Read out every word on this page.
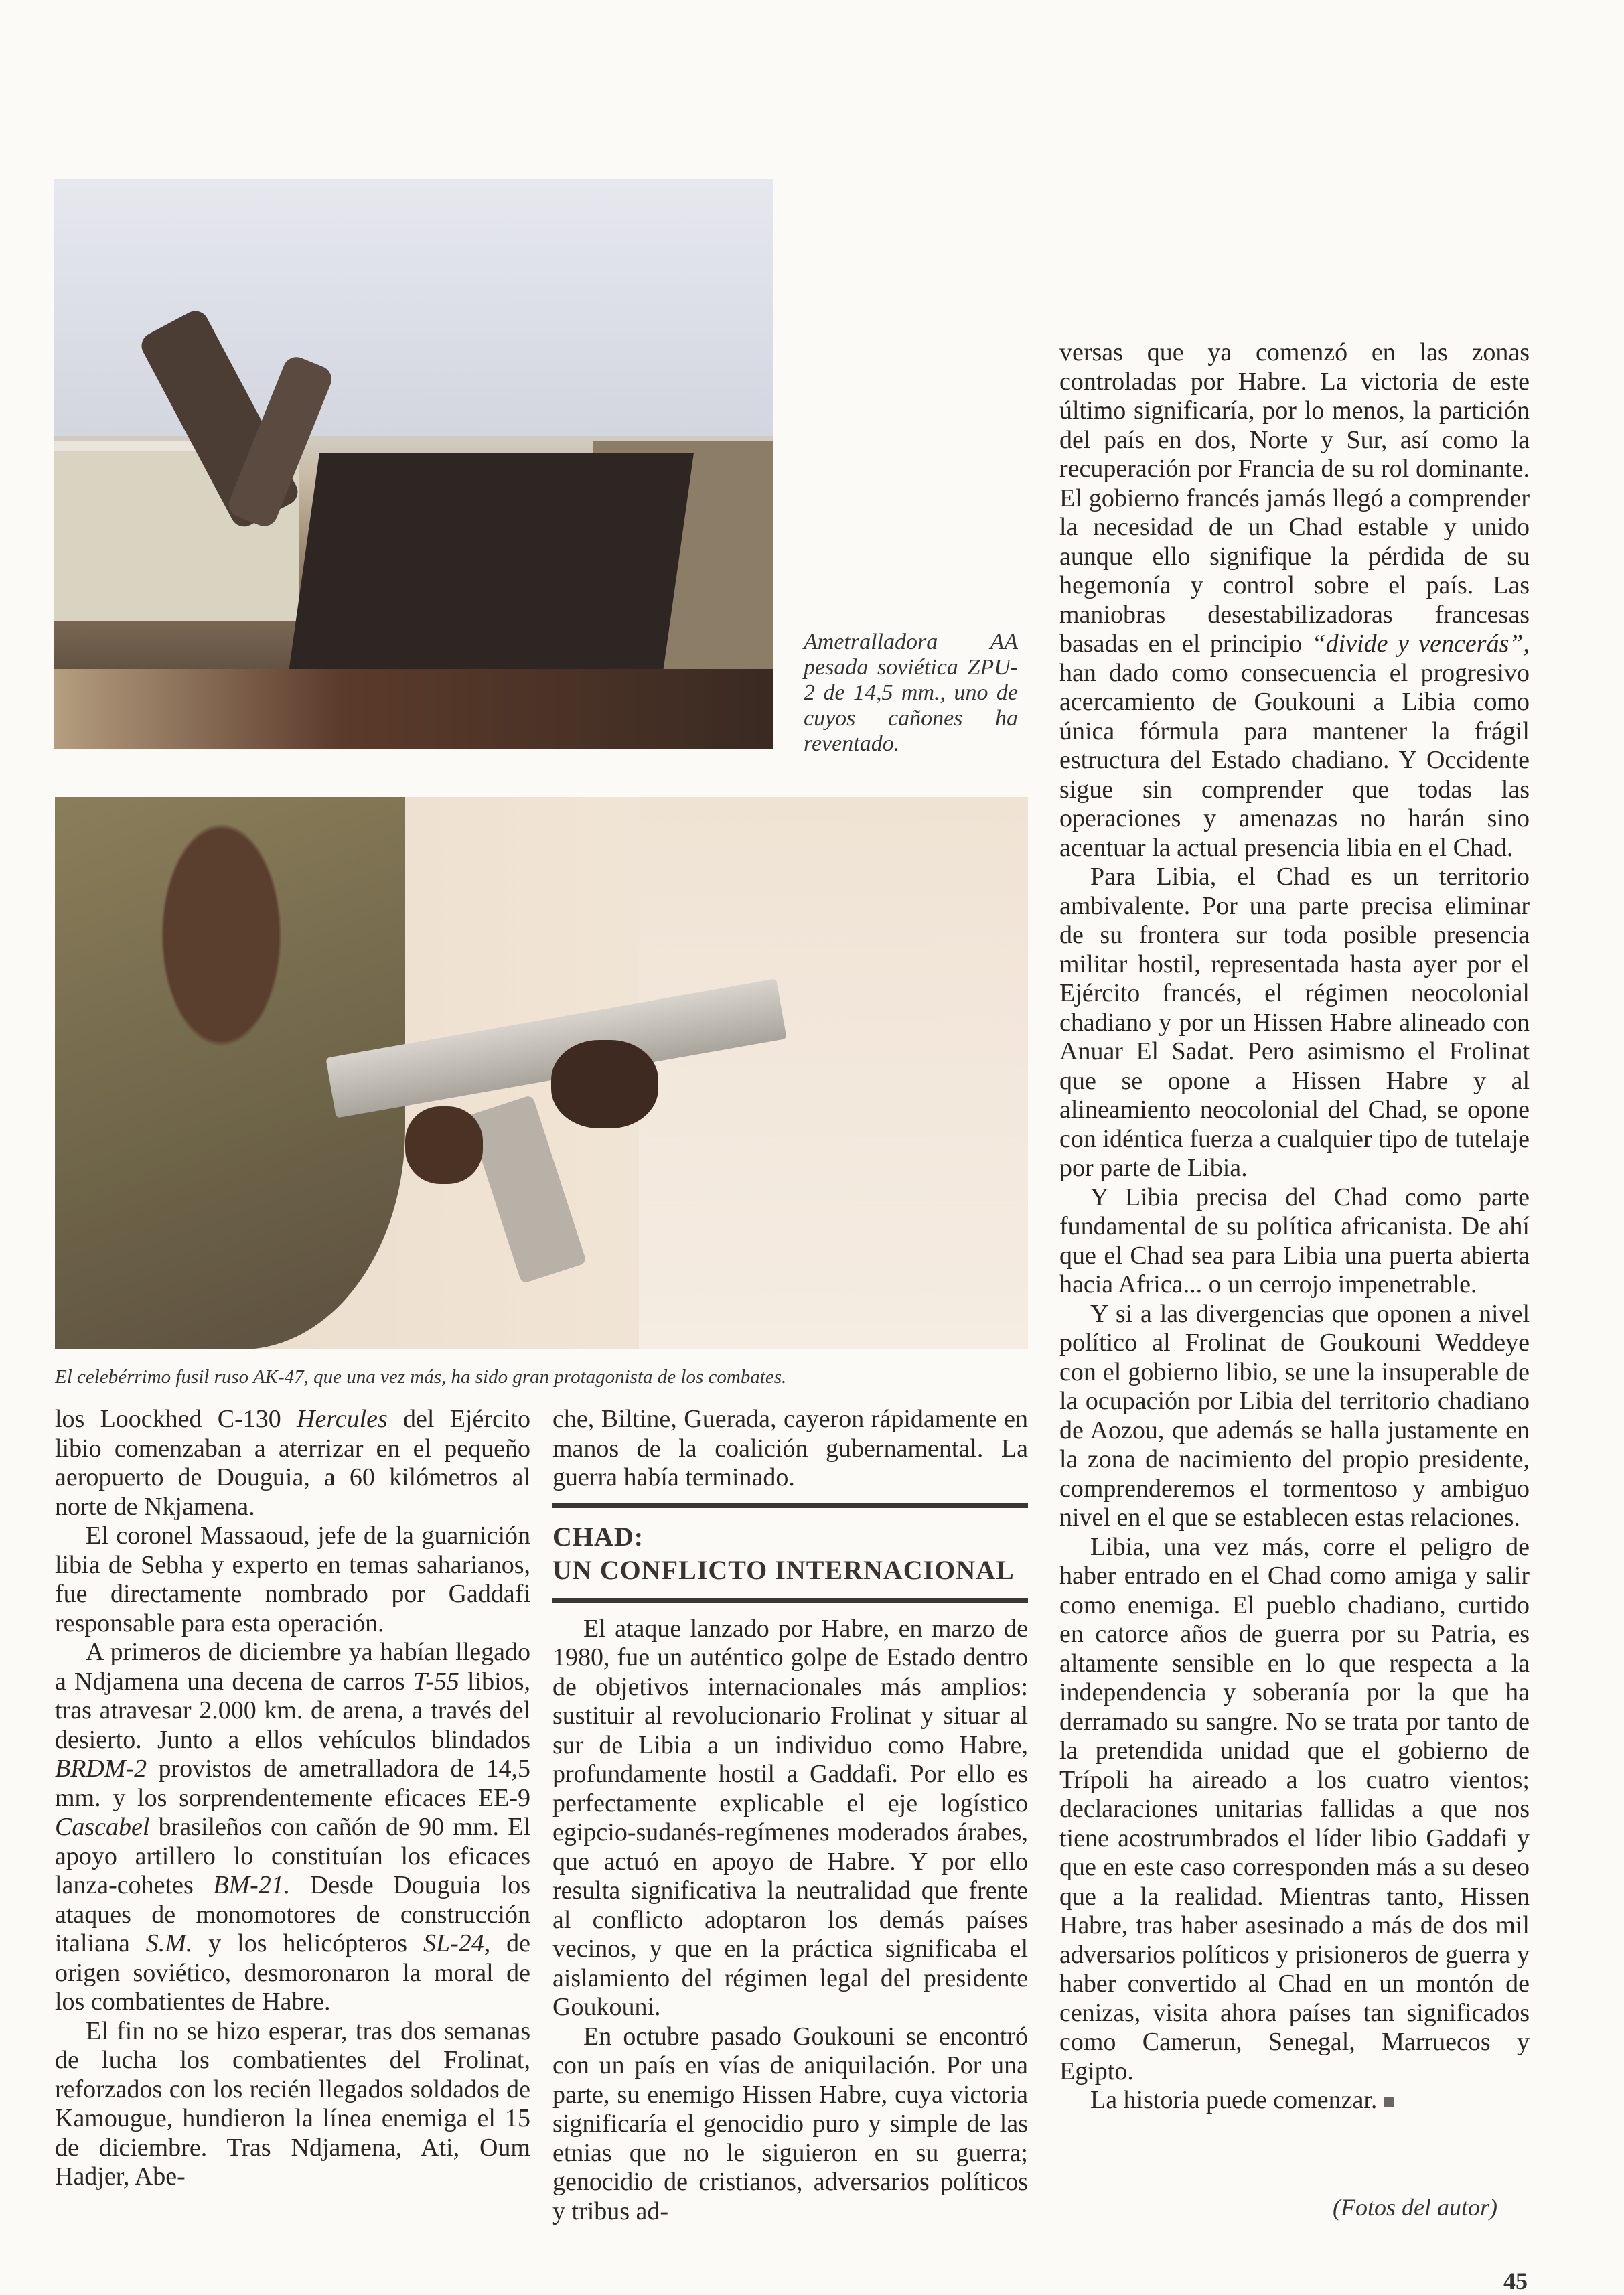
Ametralladora AA pesada soviética ZPU-2 de 14,5 mm., uno de cuyos cañones ha reventado.
El celebérrimo fusil ruso AK-47, que una vez más, ha sido gran protagonista de los combates.

los Loockhed C-130 Hercules del Ejército libio comenzaban a aterrizar en el pequeño aeropuerto de Douguia, a 60 kilómetros al norte de Nkjamena.

El coronel Massaoud, jefe de la guarnición libia de Sebha y experto en temas saharianos, fue directamente nombrado por Gaddafi responsable para esta operación.

A primeros de diciembre ya habían llegado a Ndjamena una decena de carros T-55 libios, tras atravesar 2.000 km. de arena, a través del desierto. Junto a ellos vehículos blindados BRDM-2 provistos de ametralladora de 14,5 mm. y los sorprendentemente eficaces EE-9 Cascabel brasileños con cañón de 90 mm. El apoyo artillero lo constituían los eficaces lanza-cohetes BM-21. Desde Douguia los ataques de monomotores de construcción italiana S.M. y los helicópteros SL-24, de origen soviético, desmoronaron la moral de los combatientes de Habre.

El fin no se hizo esperar, tras dos semanas de lucha los combatientes del Frolinat, reforzados con los recién llegados soldados de Kamougue, hundieron la línea enemiga el 15 de diciembre. Tras Ndjamena, Ati, Oum Hadjer, Abe-

che, Biltine, Guerada, cayeron rápidamente en manos de la coalición gubernamental. La guerra había terminado.

CHAD:
UN CONFLICTO INTERNACIONAL

El ataque lanzado por Habre, en marzo de 1980, fue un auténtico golpe de Estado dentro de objetivos internacionales más amplios: sustituir al revolucionario Frolinat y situar al sur de Libia a un individuo como Habre, profundamente hostil a Gaddafi. Por ello es perfectamente explicable el eje logístico egipcio-sudanés-regímenes moderados árabes, que actuó en apoyo de Habre. Y por ello resulta significativa la neutralidad que frente al conflicto adoptaron los demás países vecinos, y que en la práctica significaba el aislamiento del régimen legal del presidente Goukouni.

En octubre pasado Goukouni se encontró con un país en vías de aniquilación. Por una parte, su enemigo Hissen Habre, cuya victoria significaría el genocidio puro y simple de las etnias que no le siguieron en su guerra; genocidio de cristianos, adversarios políticos y tribus ad-

versas que ya comenzó en las zonas controladas por Habre. La victoria de este último significaría, por lo menos, la partición del país en dos, Norte y Sur, así como la recuperación por Francia de su rol dominante. El gobierno francés jamás llegó a comprender la necesidad de un Chad estable y unido aunque ello signifique la pérdida de su hegemonía y control sobre el país. Las maniobras desestabilizadoras francesas basadas en el principio “divide y vencerás”, han dado como consecuencia el progresivo acercamiento de Goukouni a Libia como única fórmula para mantener la frágil estructura del Estado chadiano. Y Occidente sigue sin comprender que todas las operaciones y amenazas no harán sino acentuar la actual presencia libia en el Chad.

Para Libia, el Chad es un territorio ambivalente. Por una parte precisa eliminar de su frontera sur toda posible presencia militar hostil, representada hasta ayer por el Ejército francés, el régimen neocolonial chadiano y por un Hissen Habre alineado con Anuar El Sadat. Pero asimismo el Frolinat que se opone a Hissen Habre y al alineamiento neocolonial del Chad, se opone con idéntica fuerza a cualquier tipo de tutelaje por parte de Libia.

Y Libia precisa del Chad como parte fundamental de su política africanista. De ahí que el Chad sea para Libia una puerta abierta hacia Africa... o un cerrojo impenetrable.

Y si a las divergencias que oponen a nivel político al Frolinat de Goukouni Weddeye con el gobierno libio, se une la insuperable de la ocupación por Libia del territorio chadiano de Aozou, que además se halla justamente en la zona de nacimiento del propio presidente, comprenderemos el tormentoso y ambiguo nivel en el que se establecen estas relaciones.

Libia, una vez más, corre el peligro de haber entrado en el Chad como amiga y salir como enemiga. El pueblo chadiano, curtido en catorce años de guerra por su Patria, es altamente sensible en lo que respecta a la independencia y soberanía por la que ha derramado su sangre. No se trata por tanto de la pretendida unidad que el gobierno de Trípoli ha aireado a los cuatro vientos; declaraciones unitarias fallidas a que nos tiene acostrumbrados el líder libio Gaddafi y que en este caso corresponden más a su deseo que a la realidad. Mientras tanto, Hissen Habre, tras haber asesinado a más de dos mil adversarios políticos y prisioneros de guerra y haber convertido al Chad en un montón de cenizas, visita ahora países tan significados como Camerun, Senegal, Marruecos y Egipto.

La historia puede comenzar.

(Fotos del autor)
45
